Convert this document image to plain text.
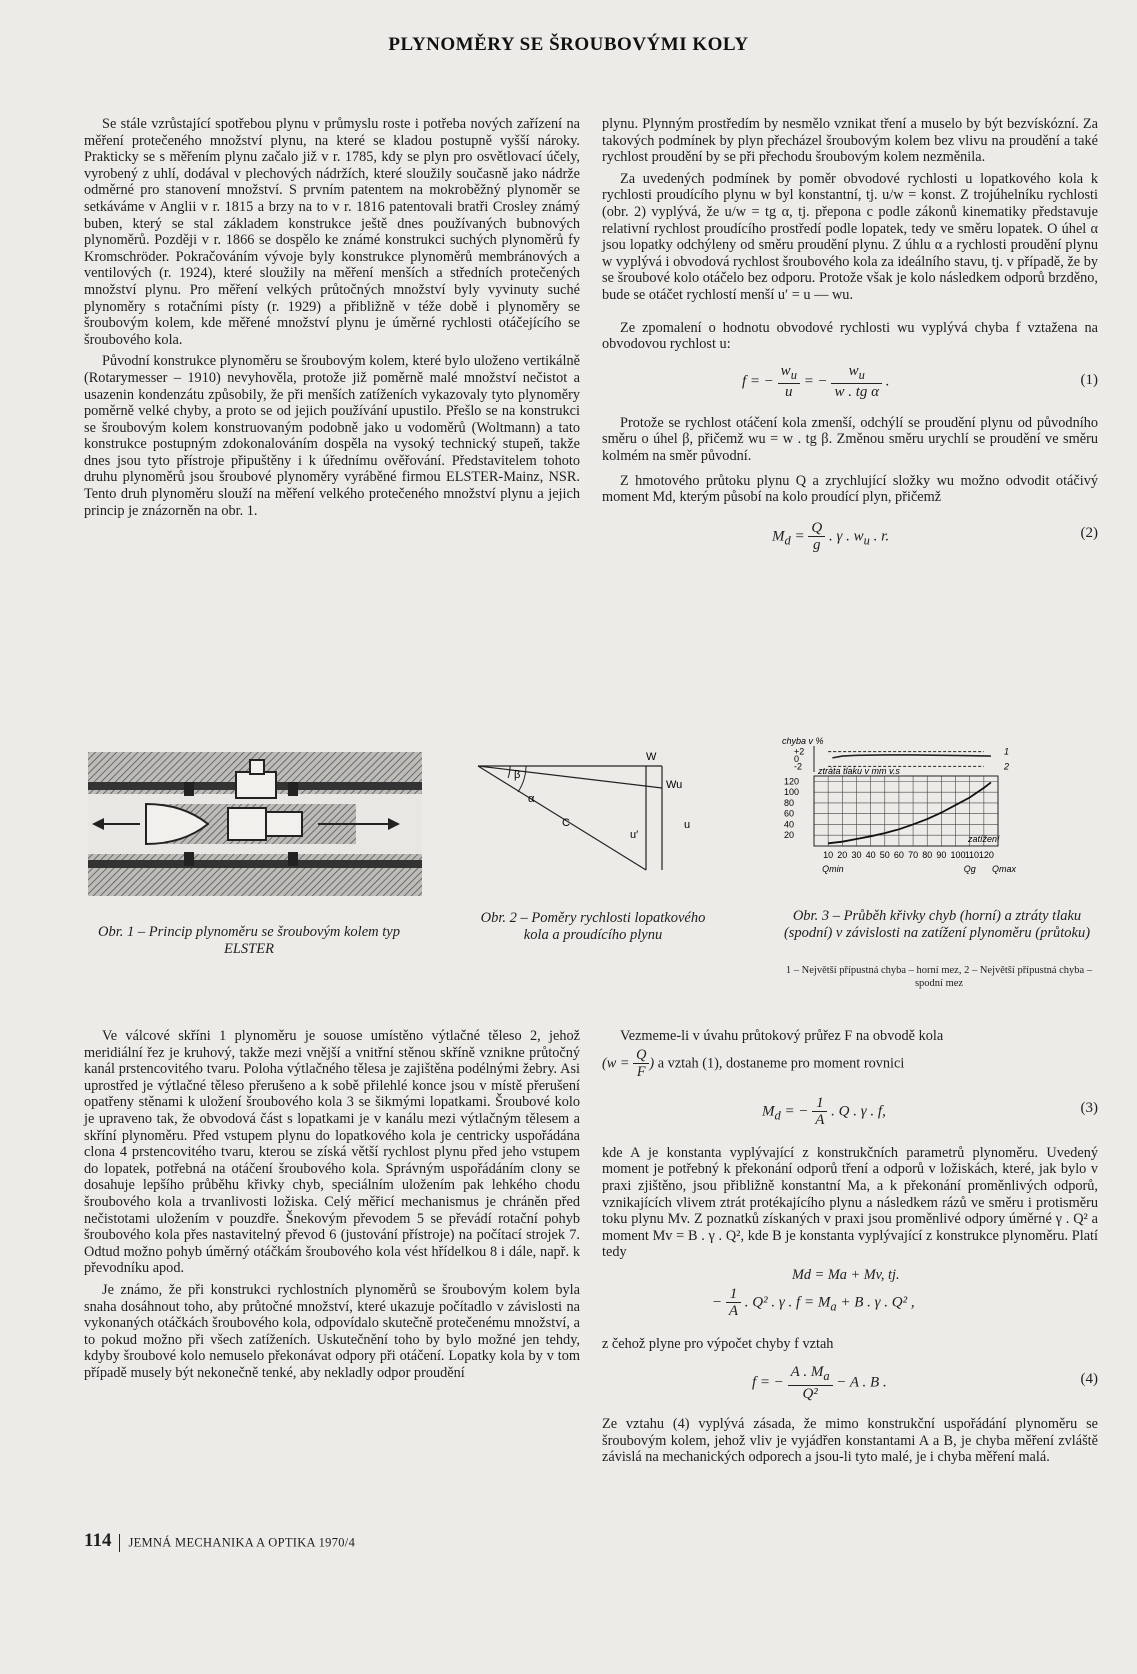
PLYNOMĚRY SE ŠROUBOVÝMI KOLY

Se stále vzrůstající spotřebou plynu v průmyslu roste i potřeba nových zařízení na měření protečeného množství plynu, na které se kladou postupně vyšší nároky. Prakticky se s měřením plynu začalo již v r. 1785, kdy se plyn pro osvětlovací účely, vyrobený z uhlí, dodával v plechových nádržích, které sloužily současně jako nádrže odměrné pro stanovení množství. S prvním patentem na mokroběžný plynoměr se setkáváme v Anglii v r. 1815 a brzy na to v r. 1816 patentovali bratři Crosley známý buben, který se stal základem konstrukce ještě dnes používaných bubnových plynoměrů. Později v r. 1866 se dospělo ke známé konstrukci suchých plynoměrů fy Kromschröder. Pokračováním vývoje byly konstrukce plynoměrů membránových a ventilových (r. 1924), které sloužily na měření menších a středních protečených množství plynu. Pro měření velkých průtočných množství byly vyvinuty suché plynoměry s rotačními písty (r. 1929) a přibližně v téže době i plynoměry se šroubovým kolem, kde měřené množství plynu je úměrné rychlosti otáčejícího se šroubového kola.

Původní konstrukce plynoměru se šroubovým kolem, které bylo uloženo vertikálně (Rotarymesser – 1910) nevyhověla, protože již poměrně malé množství nečistot a usazenin kondenzátu způsobily, že při menších zatíženích vykazovaly tyto plynoměry poměrně velké chyby, a proto se od jejich používání upustilo. Přešlo se na konstrukci se šroubovým kolem konstruovaným podobně jako u vodoměrů (Woltmann) a tato konstrukce postupným zdokonalováním dospěla na vysoký technický stupeň, takže dnes jsou tyto přístroje připuštěny i k úřednímu ověřování. Představitelem tohoto druhu plynoměrů jsou šroubové plynoměry vyráběné firmou ELSTER-Mainz, NSR. Tento druh plynoměru slouží na měření velkého protečeného množství plynu a jejich princip je znázorněn na obr. 1.

plynu. Plynným prostředím by nesmělo vznikat tření a muselo by být bezvískózní. Za takových podmínek by plyn přecházel šroubovým kolem bez vlivu na proudění a také rychlost proudění by se při přechodu šroubovým kolem nezměnila.

Za uvedených podmínek by poměr obvodové rychlosti u lopatkového kola k rychlosti proudícího plynu w byl konstantní, tj. u/w = konst. Z trojúhelníku rychlosti (obr. 2) vyplývá, že u/w = tg α, tj. přepona c podle zákonů kinematiky představuje relativní rychlost proudícího prostředí podle lopatek, tedy ve směru lopatek. O úhel α jsou lopatky odchýleny od směru proudění plynu. Z úhlu α a rychlosti proudění plynu w vyplývá i obvodová rychlost šroubového kola za ideálního stavu, tj. v případě, že by se šroubové kolo otáčelo bez odporu. Protože však je kolo následkem odporů brzděno, bude se otáčet rychlostí menší u′ = u — wu.

Ze zpomalení o hodnotu obvodové rychlosti wu vyplývá chyba f vztažena na obvodovou rychlost u:

f = − $\frac{w_u}{u}$ = − $\frac{w_u}{\text{w . tg α}}$ .	(1)

Protože se rychlost otáčení kola zmenší, odchýlí se proudění plynu od původního směru o úhel β, přičemž wu = w . tg β. Změnou směru urychlí se proudění ve směru kolmém na směr původní.

Z hmotového průtoku plynu Q a zrychlující složky wu možno odvodit otáčivý moment Md, kterým působí na kolo proudící plyn, přičemž

$M_d = \frac{Q}{g}$ . γ . $w_u$ . r.	(2)
W
Wu
β
α
C	u
u′
chyba v %
+2
0
-2
1
2
120
100
80
60
40
20
10 20 30 40 50 60 70 80 90 100 110 120
ztráta tlaku v mm v.s
zatížení
Qmin	Qg Qmax
Obr. 1 – Princip plynoměru se šroubovým kolem typ ELSTER
Obr. 2 – Poměry rychlosti lopatkového kola a proudícího plynu
Obr. 3 – Průběh křivky chyb (horní) a ztráty tlaku (spodní) v závislosti na zatížení plynoměru (průtoku)
1 – Největší přípustná chyba – horní mez, 2 – Největší přípustná chyba – spodní mez

Ve válcové skříni 1 plynoměru je souose umístěno výtlačné těleso 2, jehož meridiální řez je kruhový, takže mezi vnější a vnitřní stěnou skříně vznikne průtočný kanál prstencovitého tvaru. Poloha výtlačného tělesa je zajištěna podélnými žebry. Asi uprostřed je výtlačné těleso přerušeno a k sobě přilehlé konce jsou v místě přerušení opatřeny stěnami k uložení šroubového kola 3 se šikmými lopatkami. Šroubové kolo je upraveno tak, že obvodová část s lopatkami je v kanálu mezi výtlačným tělesem a skříní plynoměru. Před vstupem plynu do lopatkového kola je centricky uspořádána clona 4 prstencovitého tvaru, kterou se získá větší rychlost plynu před jeho vstupem do lopatek, potřebná na otáčení šroubového kola. Správným uspořádáním clony se dosahuje lepšího průběhu křivky chyb, speciálním uložením pak lehkého chodu šroubového kola a trvanlivosti ložiska. Celý měřicí mechanismus je chráněn před nečistotami uložením v pouzdře. Šnekovým převodem 5 se převádí rotační pohyb šroubového kola přes nastavitelný převod 6 (justování přístroje) na počítací strojek 7. Odtud možno pohyb úměrný otáčkám šroubového kola vést hřídelkou 8 i dále, např. k převodníku apod.

Je známo, že při konstrukci rychlostních plynoměrů se šroubovým kolem byla snaha dosáhnout toho, aby průtočné množství, které ukazuje počítadlo v závislosti na vykonaných otáčkách šroubového kola, odpovídalo skutečně protečenému množství, a to pokud možno při všech zatíženích. Uskutečnění toho by bylo možné jen tehdy, kdyby šroubové kolo nemuselo překonávat odpory při otáčení. Lopatky kola by v tom případě musely být nekonečně tenké, aby nekladly odpor proudění

Vezmeme-li v úvahu průtokový průřez F na obvodě kola

($w = \frac{Q}{F}$ ) a vztah (1), dostaneme pro moment rovnici
$M_d$ = − $\frac{1}{A}$ . Q . γ . f,	(3)

kde A je konstanta vyplývající z konstrukčních parametrů plynoměru. Uvedený moment je potřebný k překonání odporů tření a odporů v ložiskách, které, jak bylo v praxi zjištěno, jsou přibližně konstantní Ma, a k překonání proměnlivých odporů, vznikajících vlivem ztrát protékajícího plynu a následkem rázů ve směru i protisměru toku plynu Mv. Z poznatků získaných v praxi jsou proměnlivé odpory úměrné γ . Q² a moment Mv = B . γ . Q², kde B je konstanta vyplývající z konstrukce plynoměru. Platí tedy

Md = Ma + Mv, tj.
− $\frac{1}{A}$ . Q² . γ . $f = M_a + B$ . γ . Q² ,

z čehož plyne pro výpočet chyby f vztah

f = − $\frac{A . M_a}{\text{Q²}} - A$ . B .	(4)

Ze vztahu (4) vyplývá zásada, že mimo konstrukční uspořádání plynoměru se šroubovým kolem, jehož vliv je vyjádřen konstantami A a B, je chyba měření zvláště závislá na mechanických odporech a jsou-li tyto malé, je i chyba měření malá.

114 JEMNÁ MECHANIKA A OPTIKA 1970/4
